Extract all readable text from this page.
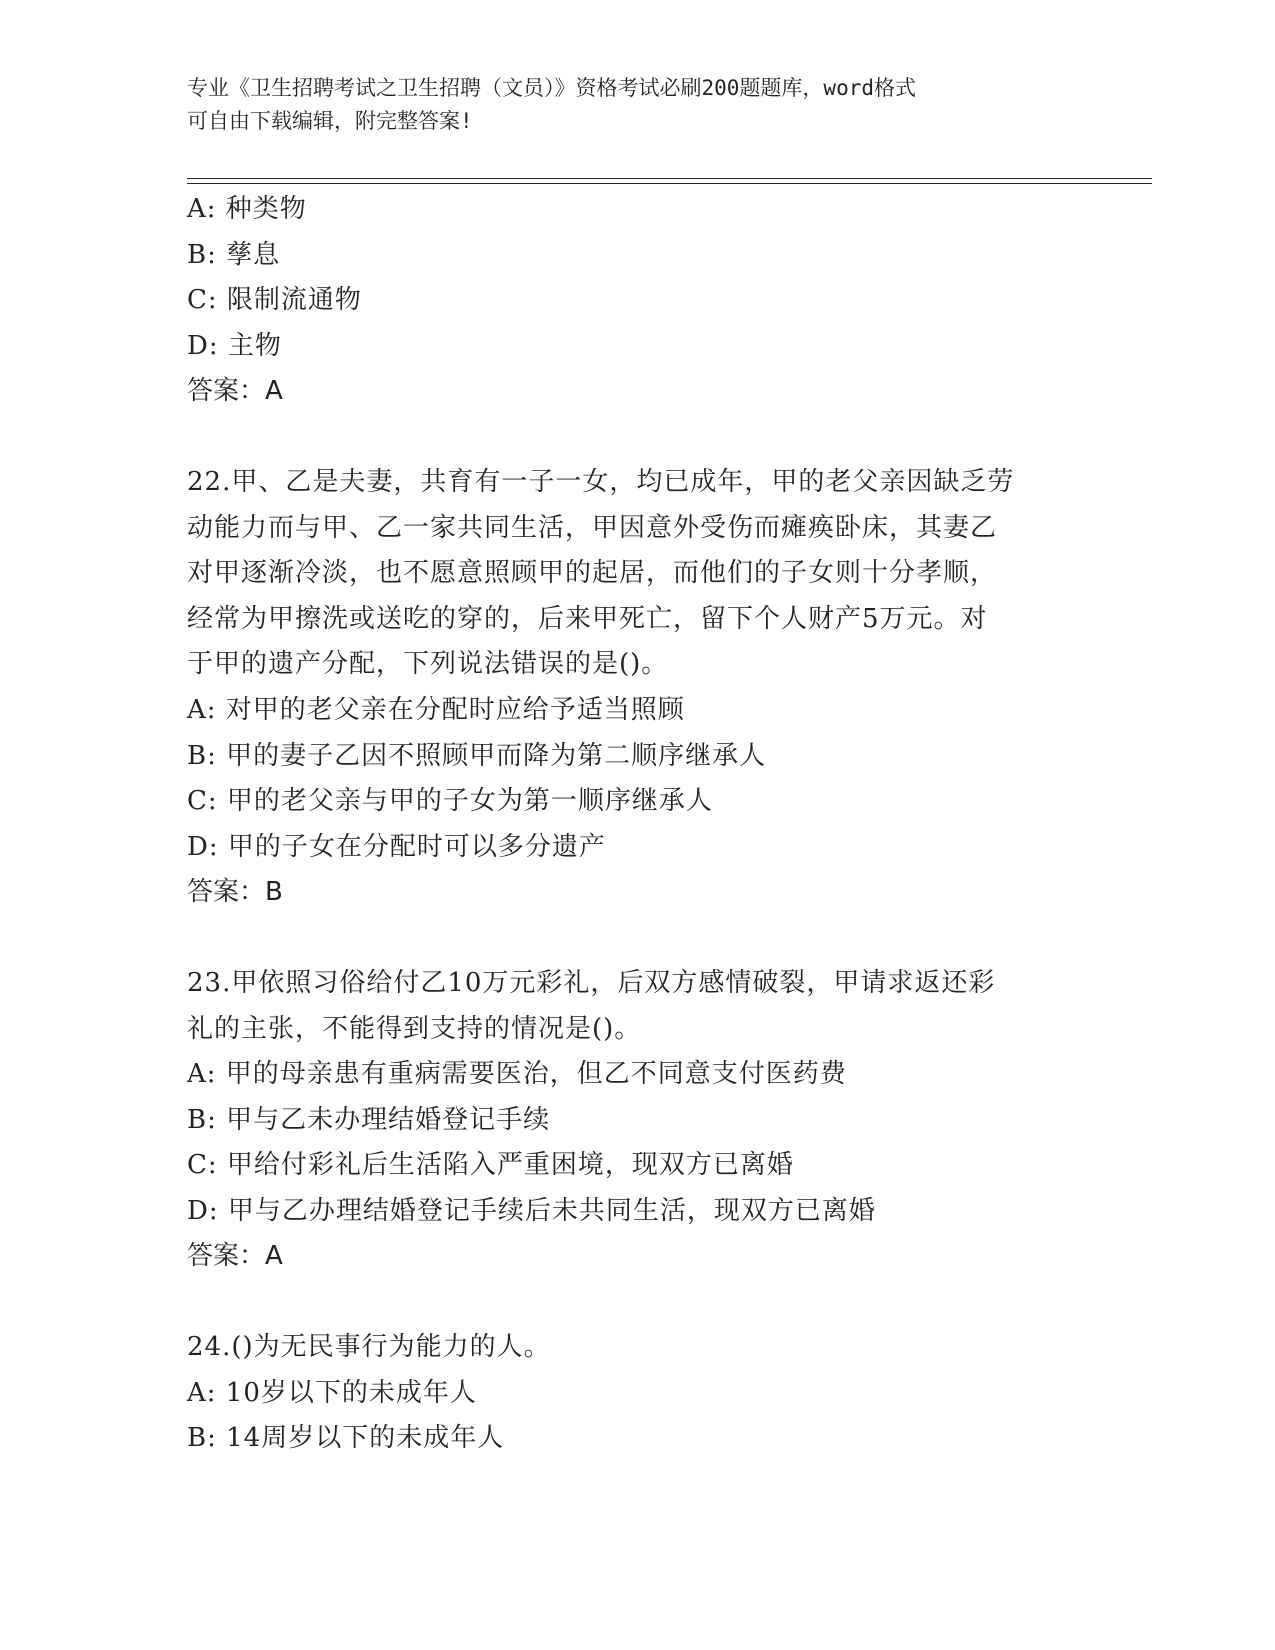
专业《卫生招聘考试之卫生招聘（文员）》资格考试必刷200题题库，word格式
可自由下载编辑，附完整答案!
A: 种类物
B: 孳息
C: 限制流通物
D: 主物
答案：A
22.甲、乙是夫妻，共育有一子一女，均已成年，甲的老父亲因缺乏劳
动能力而与甲、乙一家共同生活，甲因意外受伤而瘫痪卧床，其妻乙
对甲逐渐冷淡，也不愿意照顾甲的起居，而他们的子女则十分孝顺，
经常为甲擦洗或送吃的穿的，后来甲死亡，留下个人财产5万元。对
于甲的遗产分配，下列说法错误的是()。
A: 对甲的老父亲在分配时应给予适当照顾
B: 甲的妻子乙因不照顾甲而降为第二顺序继承人
C: 甲的老父亲与甲的子女为第一顺序继承人
D: 甲的子女在分配时可以多分遗产
答案：B
23.甲依照习俗给付乙10万元彩礼，后双方感情破裂，甲请求返还彩
礼的主张，不能得到支持的情况是()。
A: 甲的母亲患有重病需要医治，但乙不同意支付医药费
B: 甲与乙未办理结婚登记手续
C: 甲给付彩礼后生活陷入严重困境，现双方已离婚
D: 甲与乙办理结婚登记手续后未共同生活，现双方已离婚
答案：A
24.()为无民事行为能力的人。
A: 10岁以下的未成年人
B: 14周岁以下的未成年人
